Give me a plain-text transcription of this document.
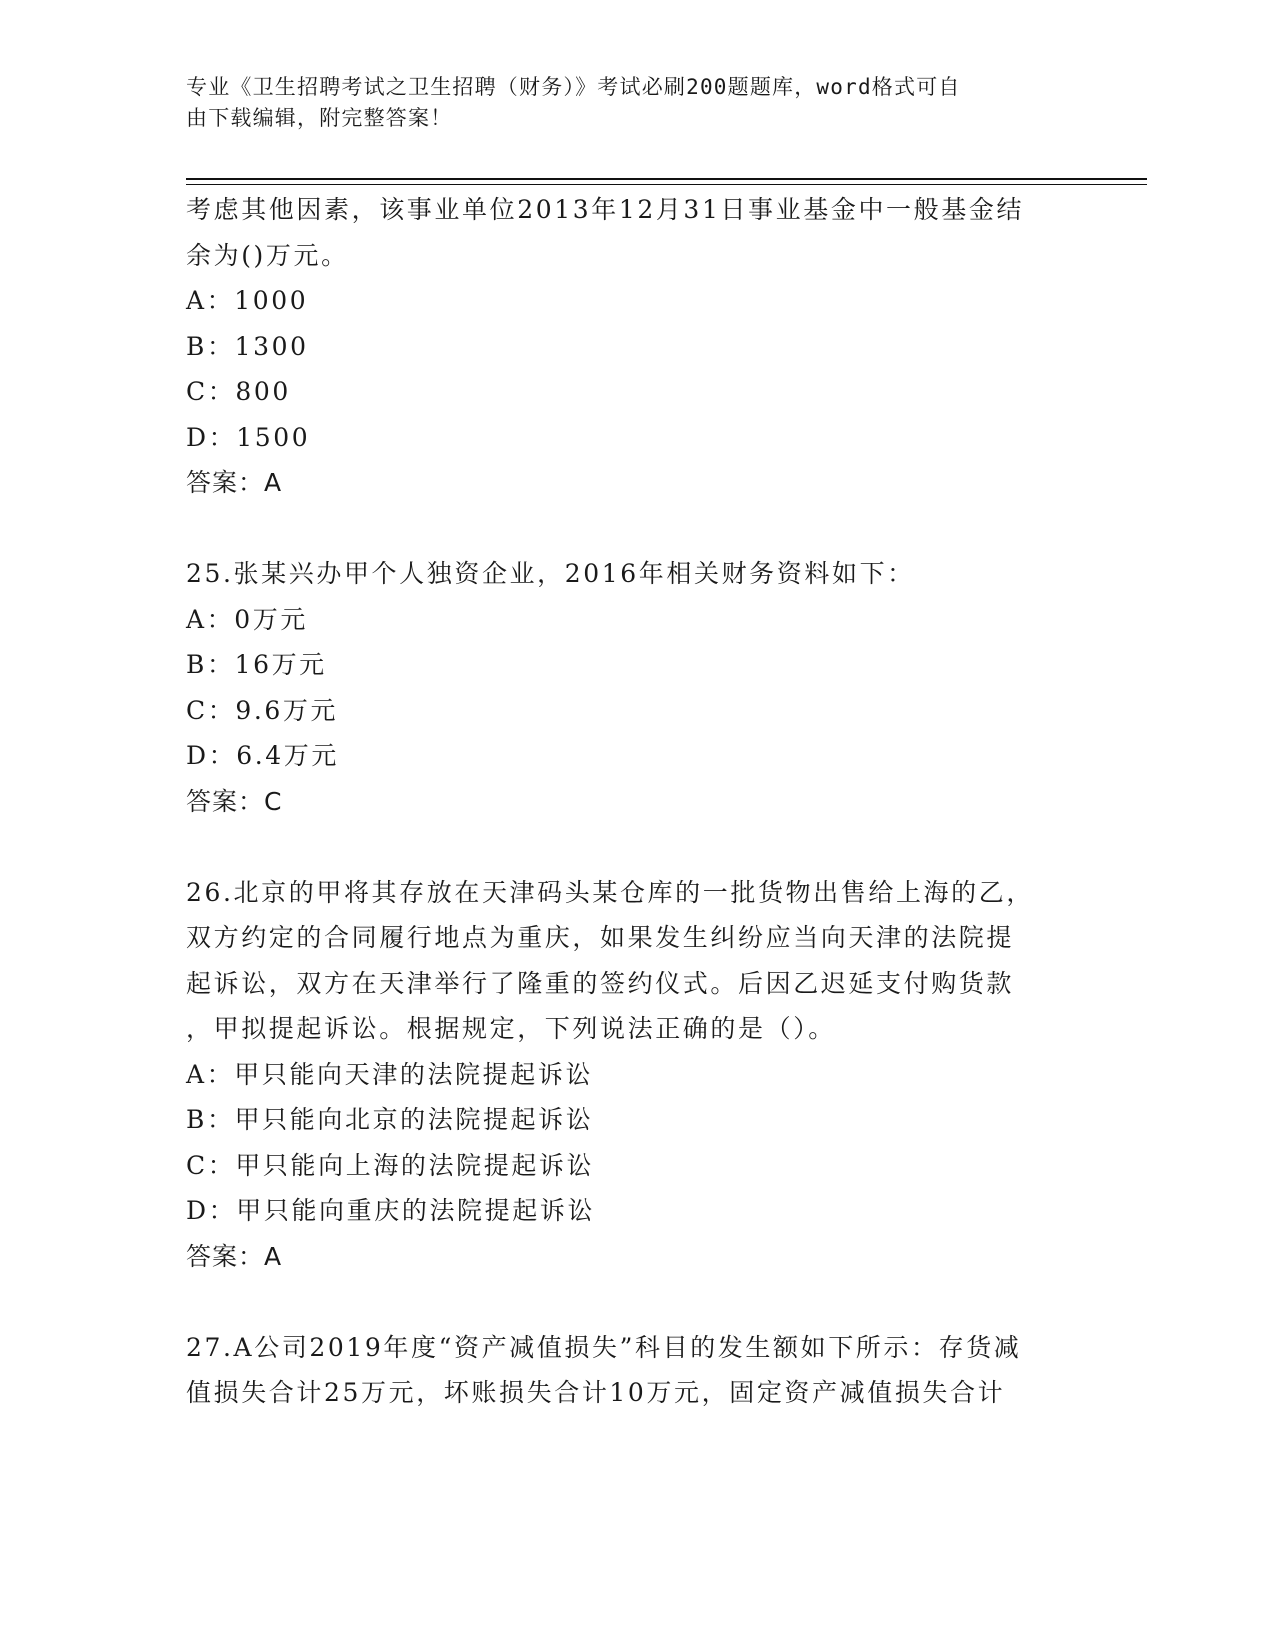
专业《卫生招聘考试之卫生招聘（财务）》考试必刷200题题库，word格式可自
由下载编辑，附完整答案！
考虑其他因素，该事业单位2013年12月31日事业基金中一般基金结
余为()万元。
A：1000
B：1300
C：800
D：1500
答案：A
25.张某兴办甲个人独资企业，2016年相关财务资料如下：
A：0万元
B：16万元
C：9.6万元
D：6.4万元
答案：C
26.北京的甲将其存放在天津码头某仓库的一批货物出售给上海的乙，
双方约定的合同履行地点为重庆，如果发生纠纷应当向天津的法院提
起诉讼，双方在天津举行了隆重的签约仪式。后因乙迟延支付购货款
，甲拟提起诉讼。根据规定，下列说法正确的是（）。
A：甲只能向天津的法院提起诉讼
B：甲只能向北京的法院提起诉讼
C：甲只能向上海的法院提起诉讼
D：甲只能向重庆的法院提起诉讼
答案：A
27.A公司2019年度“资产减值损失”科目的发生额如下所示：存货减
值损失合计25万元，坏账损失合计10万元，固定资产减值损失合计
